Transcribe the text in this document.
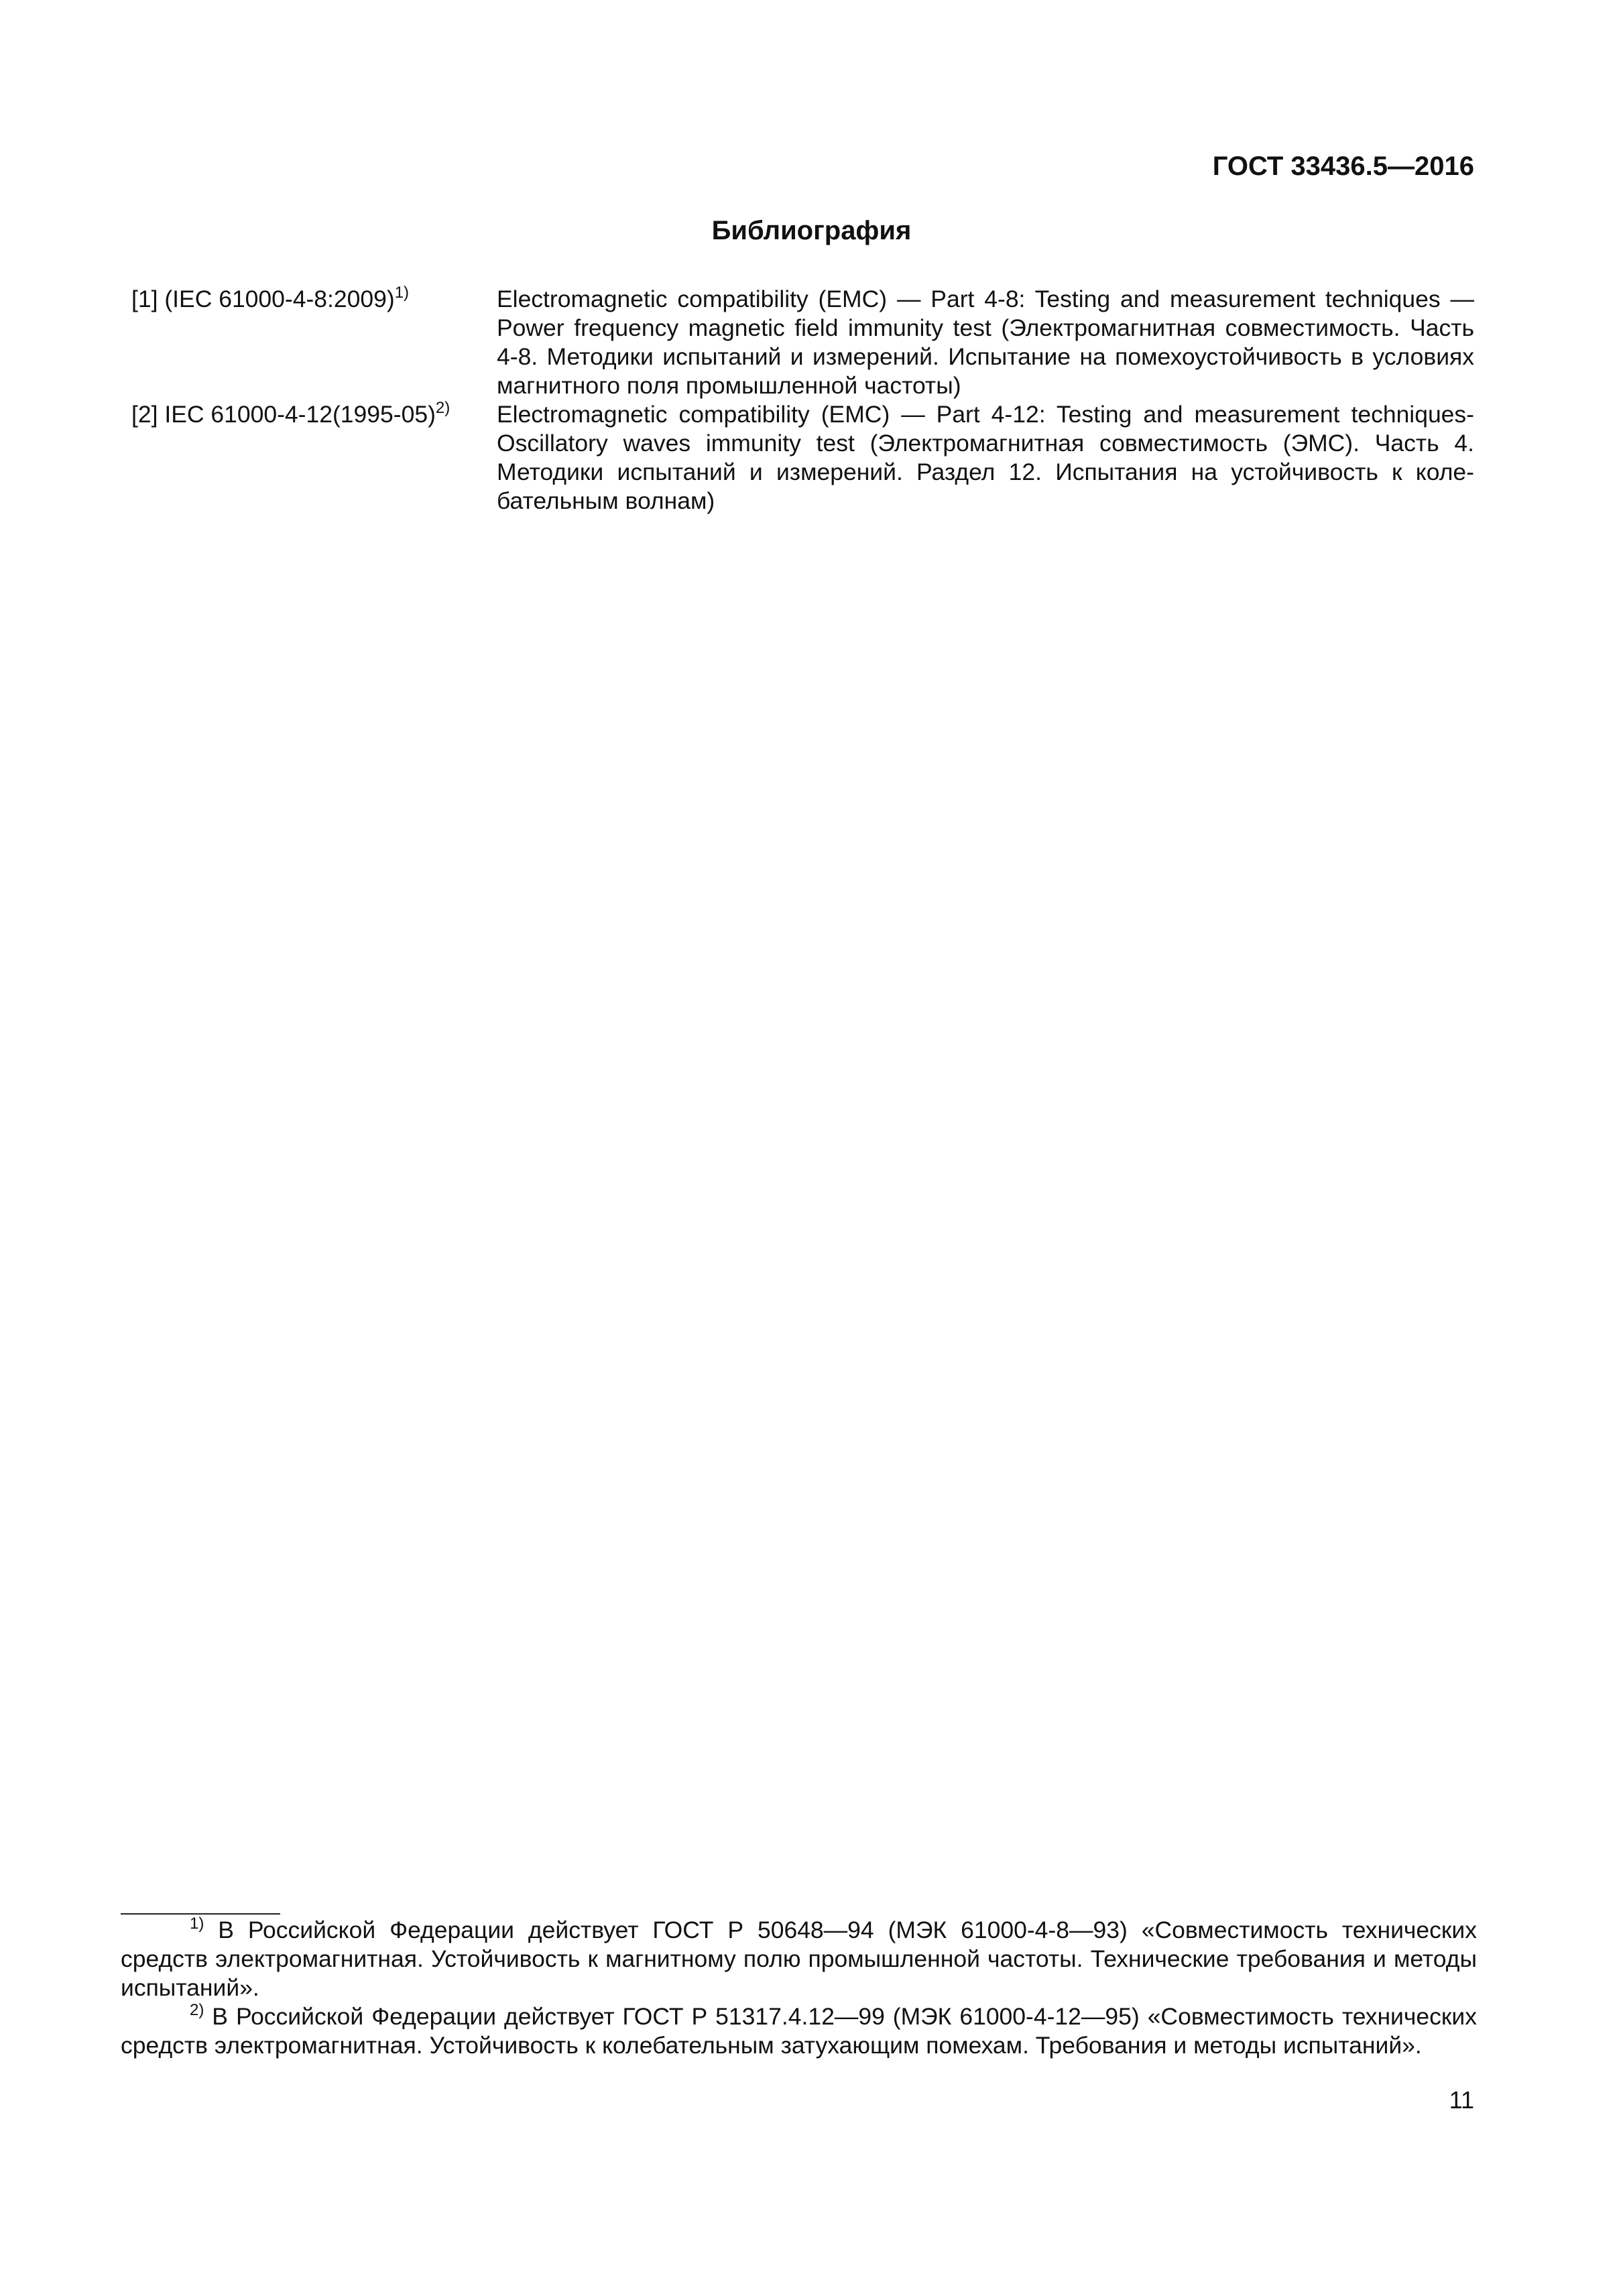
ГОСТ 33436.5—2016
Библиография
[1] (IEC 61000-4-8:2009)$^{1)}$	Electromagnetic compatibility (EMC) — Part 4-8: Testing and measurement techniques — Power frequency magnetic field immunity test (Электромагнитная совместимость. Часть 4-8. Методики испытаний и измерений. Испытание на помехоустойчивость в условиях магнитного поля промышленной частоты)
[2] IEC 61000-4-12(1995-05)$^{2)}$	Electromagnetic compatibility (EMC) — Part 4-12: Testing and measurement techniques- Oscillatory waves immunity test (Электромагнитная совместимость (ЭМС). Часть 4. Методики испытаний и измерений. Раздел 12. Испытания на устойчивость к колебательным волнам)
$^{1)}$ В Российской Федерации действует ГОСТ Р 50648—94 (МЭК 61000-4-8—93) «Совместимость технических средств электромагнитная. Устойчивость к магнитному полю промышленной частоты. Технические требования и методы испытаний».
$^{2)}$ В Российской Федерации действует ГОСТ Р 51317.4.12—99 (МЭК 61000-4-12—95) «Совместимость технических средств электромагнитная. Устойчивость к колебательным затухающим помехам. Требования и методы испытаний».
11
